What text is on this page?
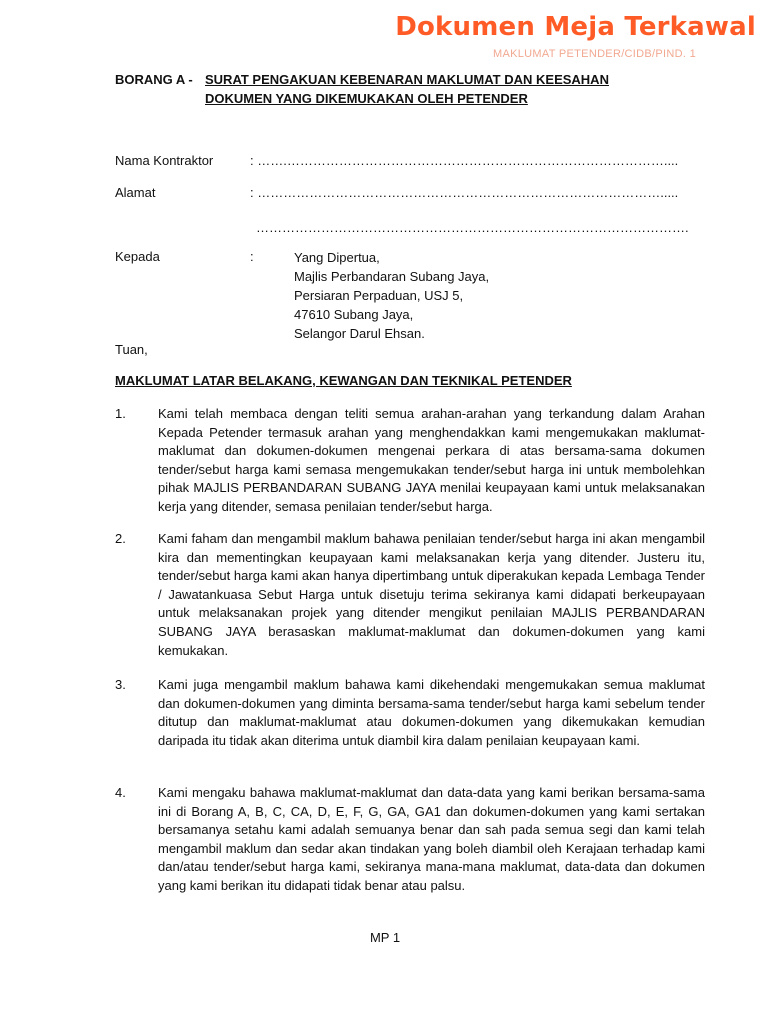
Dokumen Meja Terkawal
MAKLUMAT PETENDER/CIDB/PIND. 1
BORANG A - SURAT PENGAKUAN KEBENARAN MAKLUMAT DAN KEESAHAN
DOKUMEN YANG DIKEMUKAKAN OLEH PETENDER
Nama Kontraktor	: …….……………………………………………………………………………....
Alamat	: ………………………………………………………………………………….....
……………………………………………………………………………………….
Kepada	:	Yang Dipertua,
Majlis Perbandaran Subang Jaya,
Persiaran Perpaduan, USJ 5,
47610 Subang Jaya,
Selangor Darul Ehsan.
Tuan,
MAKLUMAT LATAR BELAKANG, KEWANGAN DAN TEKNIKAL PETENDER
1. Kami telah membaca dengan teliti semua arahan-arahan yang terkandung dalam Arahan Kepada Petender termasuk arahan yang menghendakkan kami mengemukakan maklumat-maklumat dan dokumen-dokumen mengenai perkara di atas bersama-sama dokumen tender/sebut harga kami semasa mengemukakan tender/sebut harga ini untuk membolehkan pihak MAJLIS PERBANDARAN SUBANG JAYA menilai keupayaan kami untuk melaksanakan kerja yang ditender, semasa penilaian tender/sebut harga.
2. Kami faham dan mengambil maklum bahawa penilaian tender/sebut harga ini akan mengambil kira dan mementingkan keupayaan kami melaksanakan kerja yang ditender. Justeru itu, tender/sebut harga kami akan hanya dipertimbang untuk diperakukan kepada Lembaga Tender / Jawatankuasa Sebut Harga untuk disetuju terima sekiranya kami didapati berkeupayaan untuk melaksanakan projek yang ditender mengikut penilaian MAJLIS PERBANDARAN SUBANG JAYA berasaskan maklumat-maklumat dan dokumen-dokumen yang kami kemukakan.
3. Kami juga mengambil maklum bahawa kami dikehendaki mengemukakan semua maklumat dan dokumen-dokumen yang diminta bersama-sama tender/sebut harga kami sebelum tender ditutup dan maklumat-maklumat atau dokumen-dokumen yang dikemukakan kemudian daripada itu tidak akan diterima untuk diambil kira dalam penilaian keupayaan kami.
4. Kami mengaku bahawa maklumat-maklumat dan data-data yang kami berikan bersama-sama ini di Borang A, B, C, CA, D, E, F, G, GA, GA1 dan dokumen-dokumen yang kami sertakan bersamanya setahu kami adalah semuanya benar dan sah pada semua segi dan kami telah mengambil maklum dan sedar akan tindakan yang boleh diambil oleh Kerajaan terhadap kami dan/atau tender/sebut harga kami, sekiranya mana-mana maklumat, data-data dan dokumen yang kami berikan itu didapati tidak benar atau palsu.
MP 1
